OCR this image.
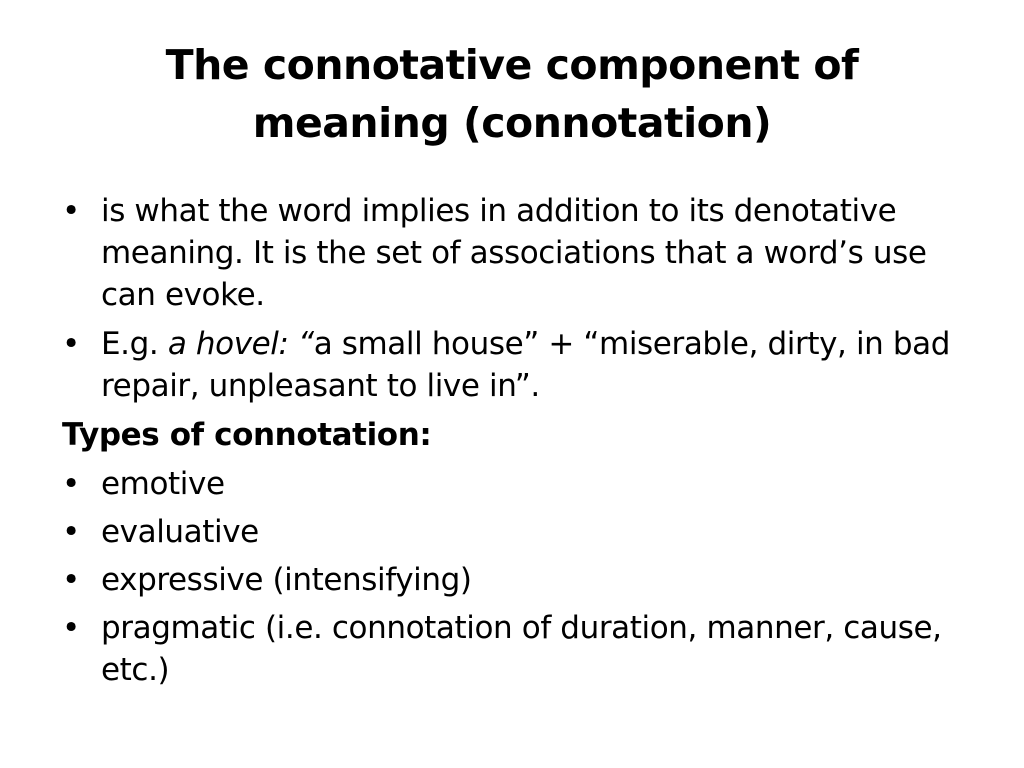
The connotative component of
meaning (connotation)
• is what the word implies in addition to its denotative meaning. It is the set of associations that a word’s use can evoke.
• E.g. a hovel: “a small house” + “miserable, dirty, in bad repair, unpleasant to live in”.
Types of connotation:
• emotive
• evaluative
• expressive (intensifying)
• pragmatic (i.e. connotation of duration, manner, cause, etc.)
